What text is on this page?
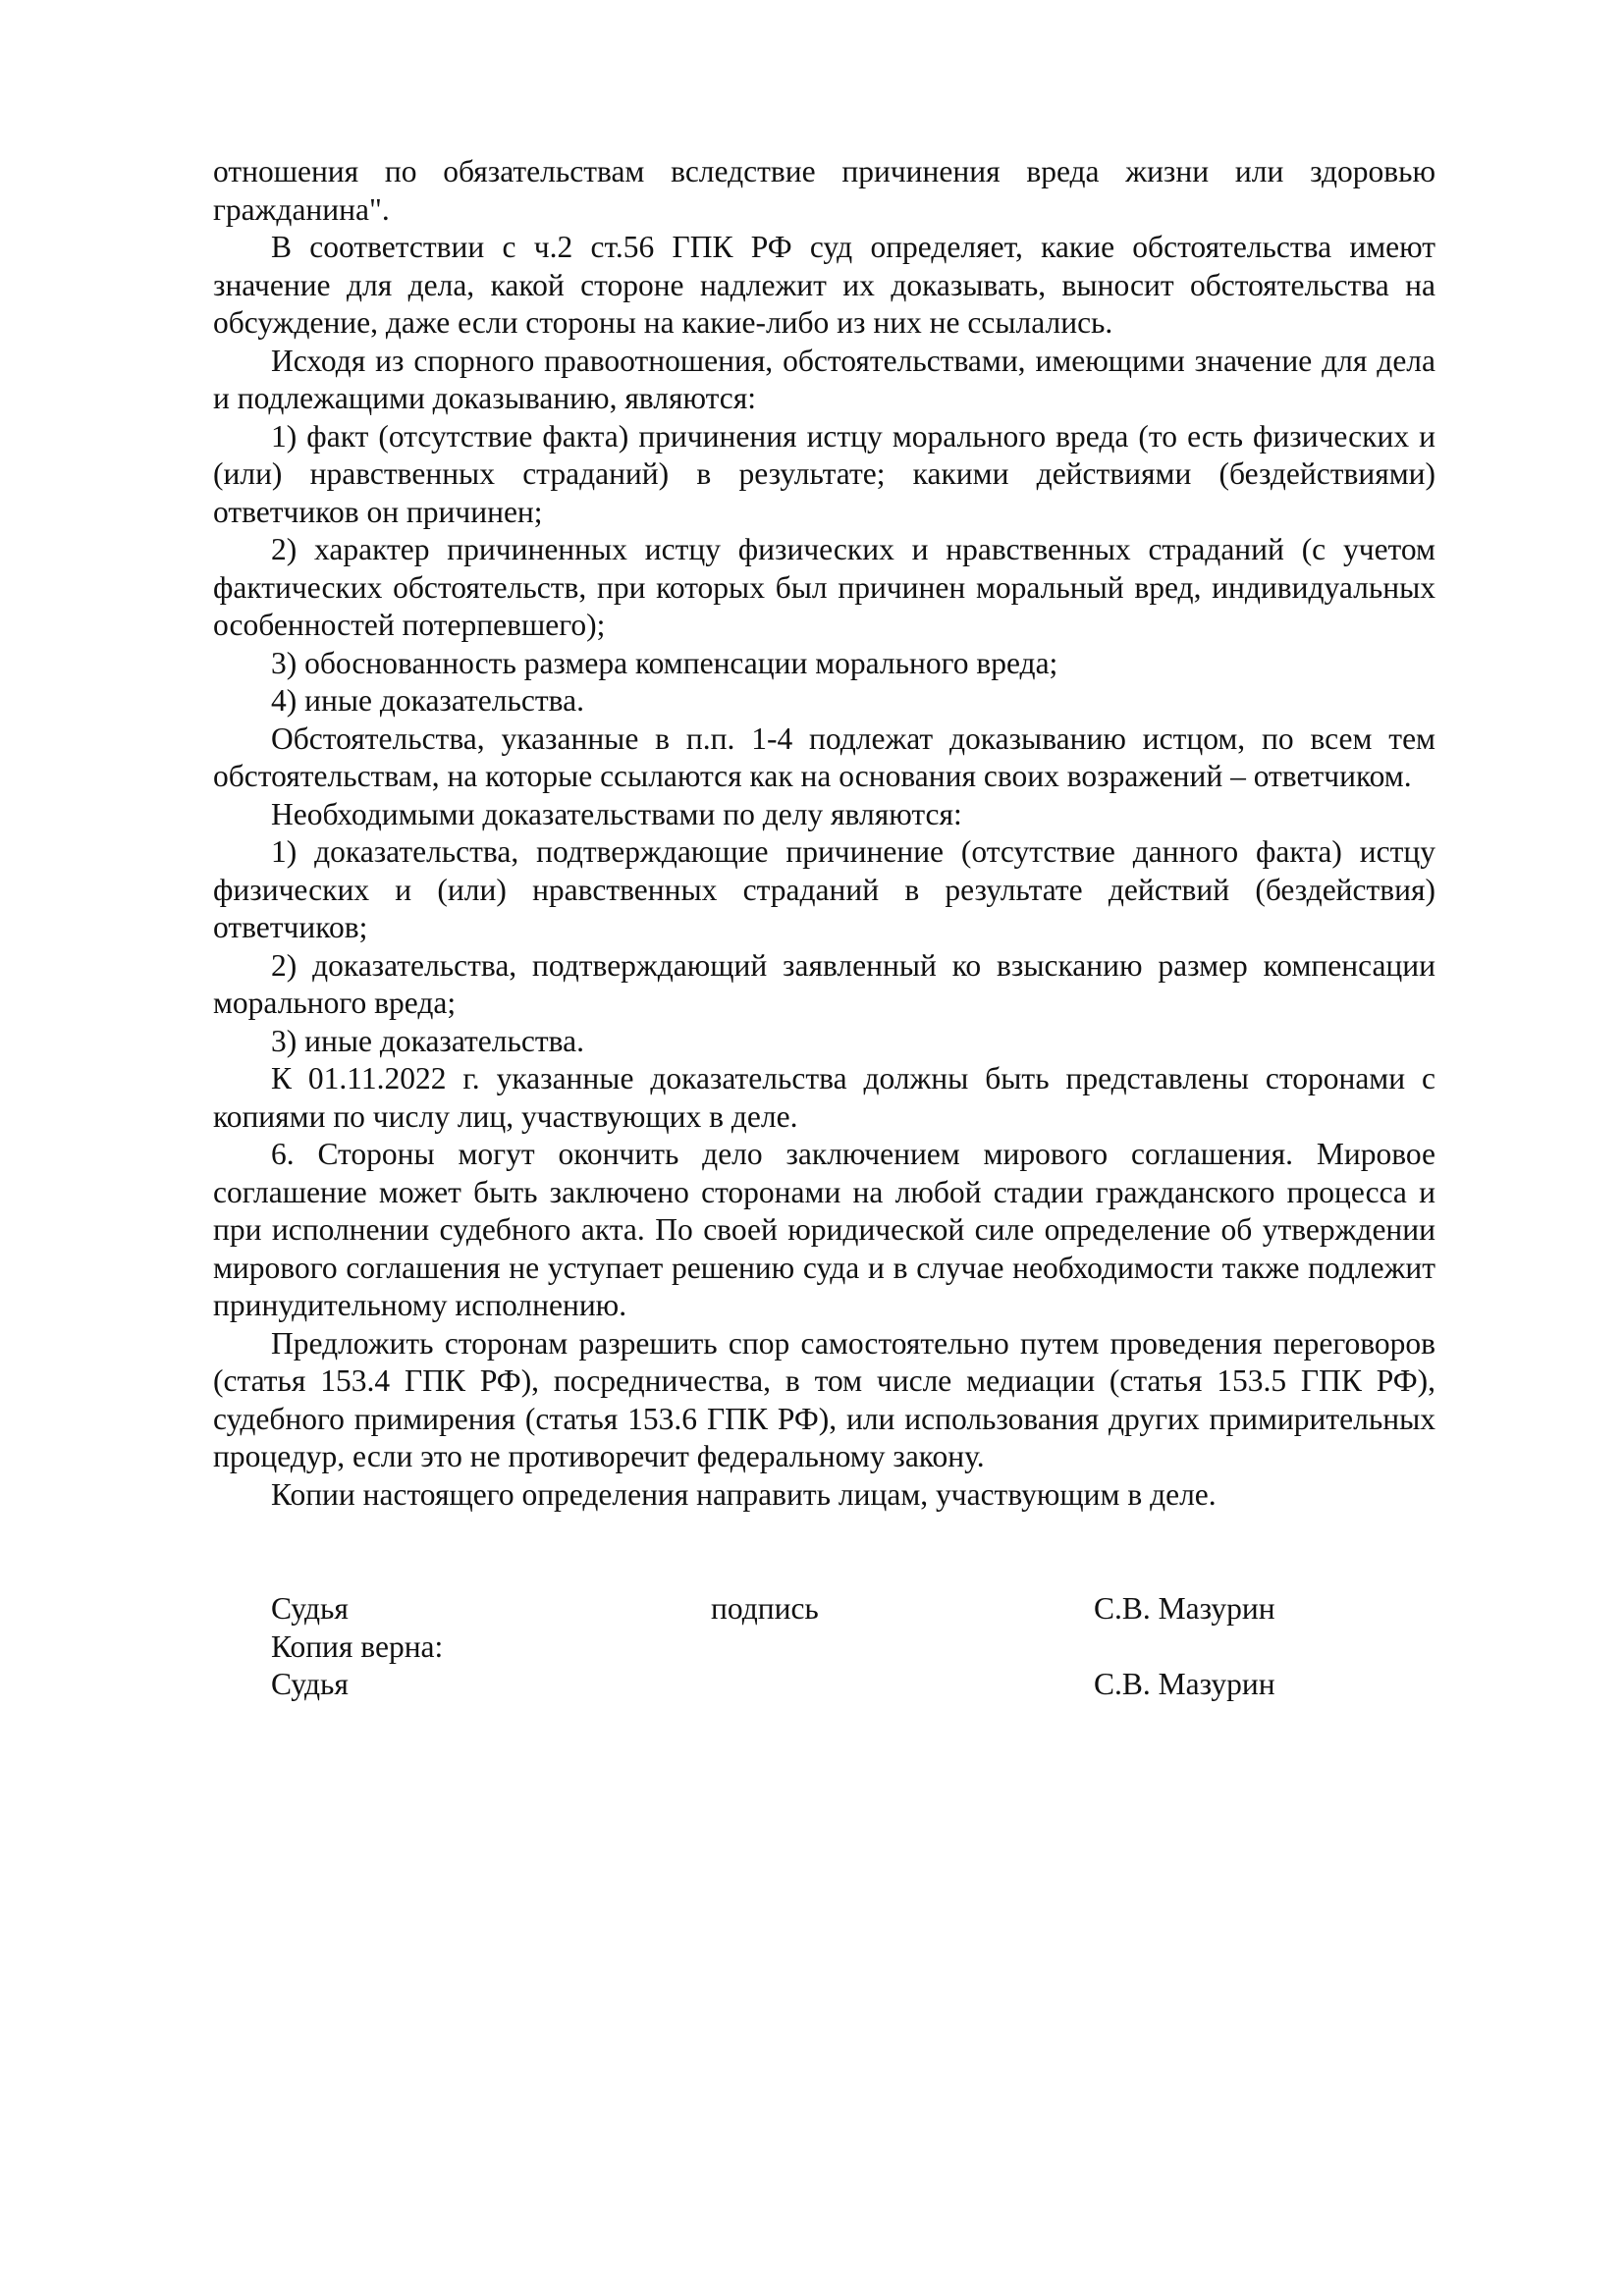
отношения по обязательствам вследствие причинения вреда жизни или здоровью гражданина".

В соответствии с ч.2 ст.56 ГПК РФ суд определяет, какие обстоятельства имеют значение для дела, какой стороне надлежит их доказывать, выносит обстоятельства на обсуждение, даже если стороны на какие-либо из них не ссылались.

Исходя из спорного правоотношения, обстоятельствами, имеющими значение для дела и подлежащими доказыванию, являются:

1) факт (отсутствие факта) причинения истцу морального вреда (то есть физических и (или) нравственных страданий) в результате; какими действиями (бездействиями) ответчиков он причинен;

2) характер причиненных истцу физических и нравственных страданий (с учетом фактических обстоятельств, при которых был причинен моральный вред, индивидуальных особенностей потерпевшего);

3) обоснованность размера компенсации морального вреда;

4) иные доказательства.

Обстоятельства, указанные в п.п. 1-4 подлежат доказыванию истцом, по всем тем обстоятельствам, на которые ссылаются как на основания своих возражений – ответчиком.

Необходимыми доказательствами по делу являются:

1) доказательства, подтверждающие причинение (отсутствие данного факта) истцу физических и (или) нравственных страданий в результате действий (бездействия) ответчиков;

2) доказательства, подтверждающий заявленный ко взысканию размер компенсации морального вреда;

3) иные доказательства.

К 01.11.2022 г. указанные доказательства должны быть представлены сторонами с копиями по числу лиц, участвующих в деле.

6. Стороны могут окончить дело заключением мирового соглашения. Мировое соглашение может быть заключено сторонами на любой стадии гражданского процесса и при исполнении судебного акта. По своей юридической силе определение об утверждении мирового соглашения не уступает решению суда и в случае необходимости также подлежит принудительному исполнению.

Предложить сторонам разрешить спор самостоятельно путем проведения переговоров (статья 153.4 ГПК РФ), посредничества, в том числе медиации (статья 153.5 ГПК РФ), судебного примирения (статья 153.6 ГПК РФ), или использования других примирительных процедур, если это не противоречит федеральному закону.

Копии настоящего определения направить лицам, участвующим в деле.

Судья	подпись	С.В. Мазурин
Копия верна:
Судья	С.В. Мазурин
